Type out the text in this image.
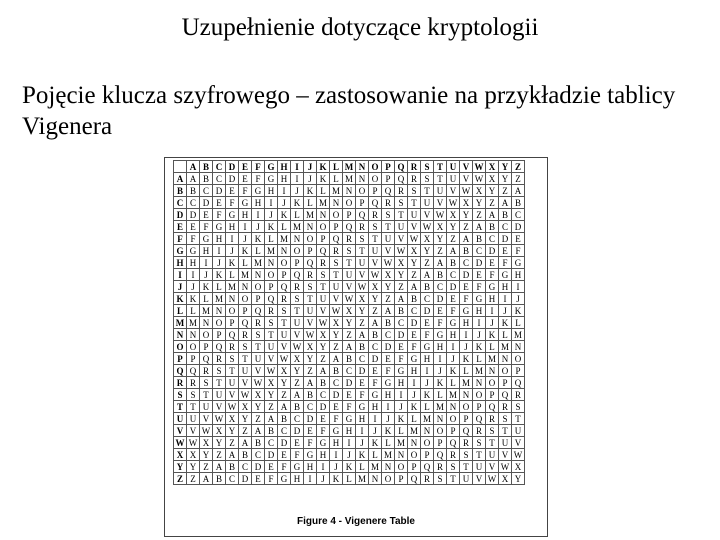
Uzupełnienie dotyczące kryptologii
Pojęcie klucza szyfrowego – zastosowanie na przykładzie tablicy Vigenera
	A	B	C	D	E	F	G	H	I	J	K	L	M	N	O	P	Q	R	S	T	U	V	W	X	Y	Z
A	A	B	C	D	E	F	G	H	I	J	K	L	M	N	O	P	Q	R	S	T	U	V	W	X	Y	Z
B	B	C	D	E	F	G	H	I	J	K	L	M	N	O	P	Q	R	S	T	U	V	W	X	Y	Z	A
C	C	D	E	F	G	H	I	J	K	L	M	N	O	P	Q	R	S	T	U	V	W	X	Y	Z	A	B
D	D	E	F	G	H	I	J	K	L	M	N	O	P	Q	R	S	T	U	V	W	X	Y	Z	A	B	C
E	E	F	G	H	I	J	K	L	M	N	O	P	Q	R	S	T	U	V	W	X	Y	Z	A	B	C	D
F	F	G	H	I	J	K	L	M	N	O	P	Q	R	S	T	U	V	W	X	Y	Z	A	B	C	D	E
G	G	H	I	J	K	L	M	N	O	P	Q	R	S	T	U	V	W	X	Y	Z	A	B	C	D	E	F
H	H	I	J	K	L	M	N	O	P	Q	R	S	T	U	V	W	X	Y	Z	A	B	C	D	E	F	G
I	I	J	K	L	M	N	O	P	Q	R	S	T	U	V	W	X	Y	Z	A	B	C	D	E	F	G	H
J	J	K	L	M	N	O	P	Q	R	S	T	U	V	W	X	Y	Z	A	B	C	D	E	F	G	H	I
K	K	L	M	N	O	P	Q	R	S	T	U	V	W	X	Y	Z	A	B	C	D	E	F	G	H	I	J
L	L	M	N	O	P	Q	R	S	T	U	V	W	X	Y	Z	A	B	C	D	E	F	G	H	I	J	K
M	M	N	O	P	Q	R	S	T	U	V	W	X	Y	Z	A	B	C	D	E	F	G	H	I	J	K	L
N	N	O	P	Q	R	S	T	U	V	W	X	Y	Z	A	B	C	D	E	F	G	H	I	J	K	L	M
O	O	P	Q	R	S	T	U	V	W	X	Y	Z	A	B	C	D	E	F	G	H	I	J	K	L	M	N
P	P	Q	R	S	T	U	V	W	X	Y	Z	A	B	C	D	E	F	G	H	I	J	K	L	M	N	O
Q	Q	R	S	T	U	V	W	X	Y	Z	A	B	C	D	E	F	G	H	I	J	K	L	M	N	O	P
R	R	S	T	U	V	W	X	Y	Z	A	B	C	D	E	F	G	H	I	J	K	L	M	N	O	P	Q
S	S	T	U	V	W	X	Y	Z	A	B	C	D	E	F	G	H	I	J	K	L	M	N	O	P	Q	R
T	T	U	V	W	X	Y	Z	A	B	C	D	E	F	G	H	I	J	K	L	M	N	O	P	Q	R	S
U	U	V	W	X	Y	Z	A	B	C	D	E	F	G	H	I	J	K	L	M	N	O	P	Q	R	S	T
V	V	W	X	Y	Z	A	B	C	D	E	F	G	H	I	J	K	L	M	N	O	P	Q	R	S	T	U
W	W	X	Y	Z	A	B	C	D	E	F	G	H	I	J	K	L	M	N	O	P	Q	R	S	T	U	V
X	X	Y	Z	A	B	C	D	E	F	G	H	I	J	K	L	M	N	O	P	Q	R	S	T	U	V	W
Y	Y	Z	A	B	C	D	E	F	G	H	I	J	K	L	M	N	O	P	Q	R	S	T	U	V	W	X
Z	Z	A	B	C	D	E	F	G	H	I	J	K	L	M	N	O	P	Q	R	S	T	U	V	W	X	Y
Figure 4 - Vigenere Table
